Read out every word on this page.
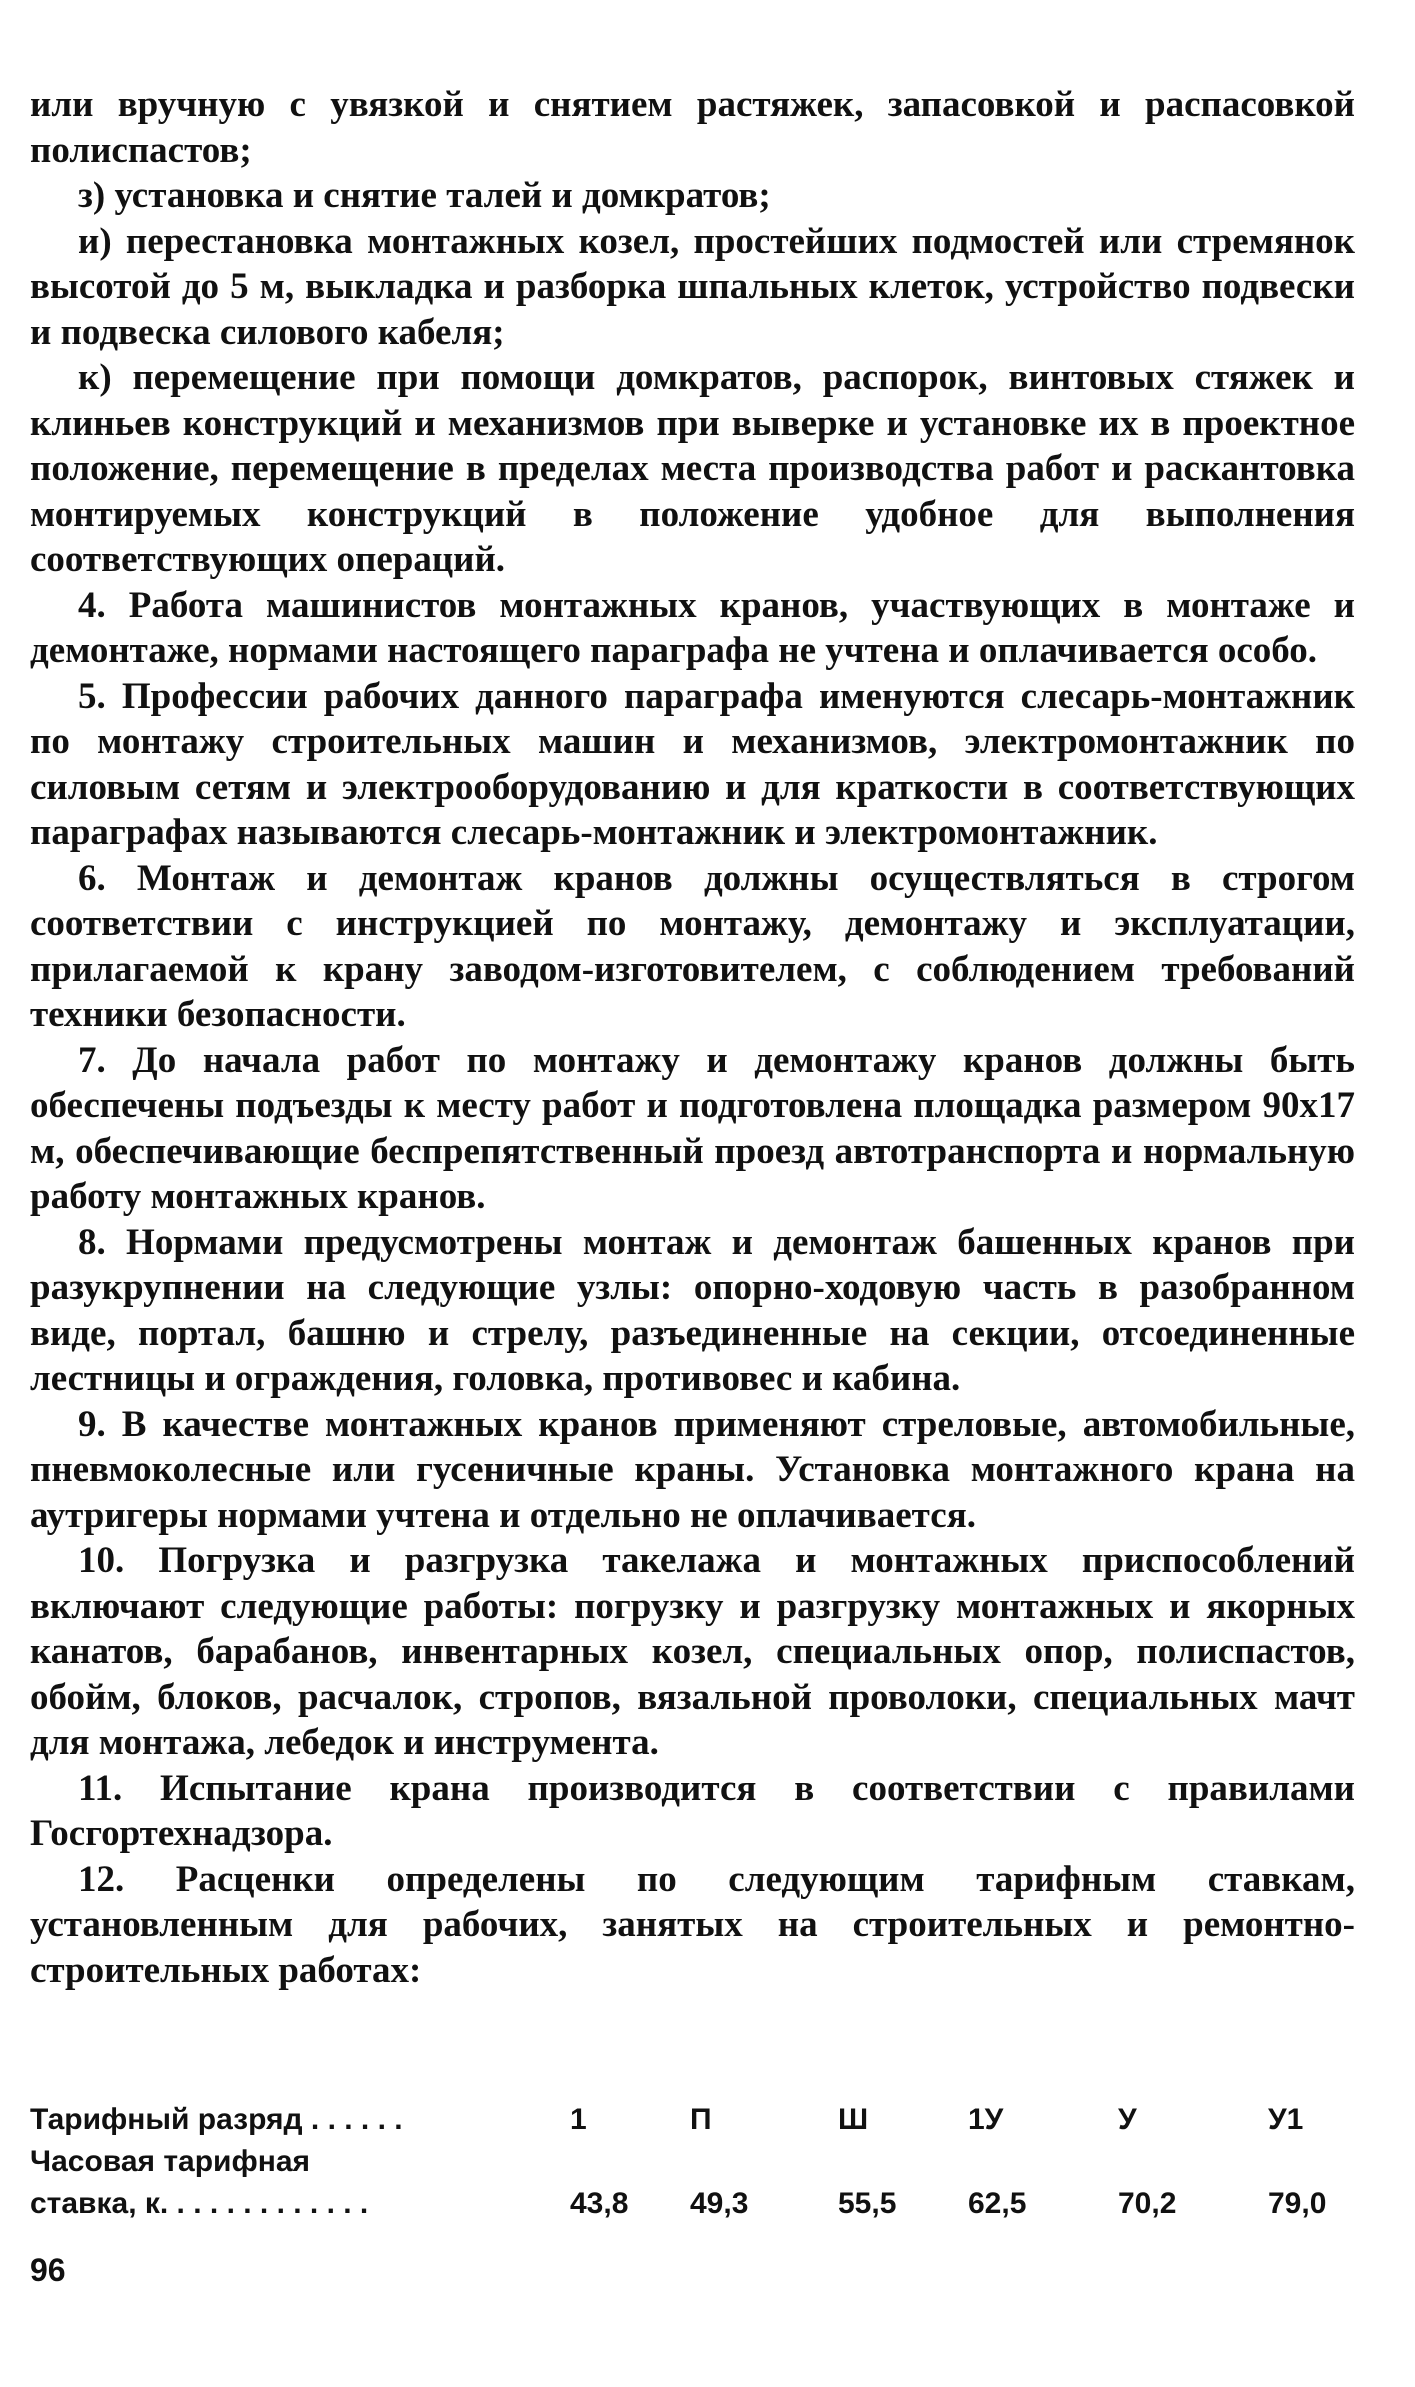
или вручную с увязкой и снятием растяжек, запасовкой и распасовкой полиспастов;

з) установка и снятие талей и домкратов;

и) перестановка монтажных козел, простейших подмостей или стремянок высотой до 5 м, выкладка и разборка шпальных клеток, устройство подвески и подвеска силового кабеля;

к) перемещение при помощи домкратов, распорок, винтовых стяжек и клиньев конструкций и механизмов при выверке и установке их в проектное положение, перемещение в пределах места производства работ и раскантовка монтируемых конструкций в положение удобное для выполнения соответствующих операций.

4. Работа машинистов монтажных кранов, участвующих в монтаже и демонтаже, нормами настоящего параграфа не учтена и оплачивается особо.

5. Профессии рабочих данного параграфа именуются слесарь-монтажник по монтажу строительных машин и механизмов, электромонтажник по силовым сетям и электрооборудованию и для краткости в соответствующих параграфах называются слесарь-монтажник и электромонтажник.

6. Монтаж и демонтаж кранов должны осуществляться в строгом соответствии с инструкцией по монтажу, демонтажу и эксплуатации, прилагаемой к крану заводом-изготовителем, с соблюдением требований техники безопасности.

7. До начала работ по монтажу и демонтажу кранов должны быть обеспечены подъезды к месту работ и подготовлена площадка размером 90х17 м, обеспечивающие беспрепятственный проезд автотранспорта и нормальную работу монтажных кранов.

8. Нормами предусмотрены монтаж и демонтаж башенных кранов при разукрупнении на следующие узлы: опорно-ходовую часть в разобранном виде, портал, башню и стрелу, разъединенные на секции, отсоединенные лестницы и ограждения, головка, противовес и кабина.

9. В качестве монтажных кранов применяют стреловые, автомобильные, пневмоколесные или гусеничные краны. Установка монтажного крана на аутригеры нормами учтена и отдельно не оплачивается.

10. Погрузка и разгрузка такелажа и монтажных приспособлений включают следующие работы: погрузку и разгрузку монтажных и якорных канатов, барабанов, инвентарных козел, специальных опор, полиспастов, обойм, блоков, расчалок, стропов, вязальной проволоки, специальных мачт для монтажа, лебедок и инструмента.

11. Испытание крана производится в соответствии с правилами Госгортехнадзора.

12. Расценки определены по следующим тарифным ставкам, установленным для рабочих, занятых на строительных и ремонтно-строительных работах:

Тарифный разряд . . . . . .	1	П	Ш	1У	У	У1
Часовая тарифная						
ставка, к. . . . . . . . . . . . .	43,8	49,3	55,5	62,5	70,2	79,0
96
